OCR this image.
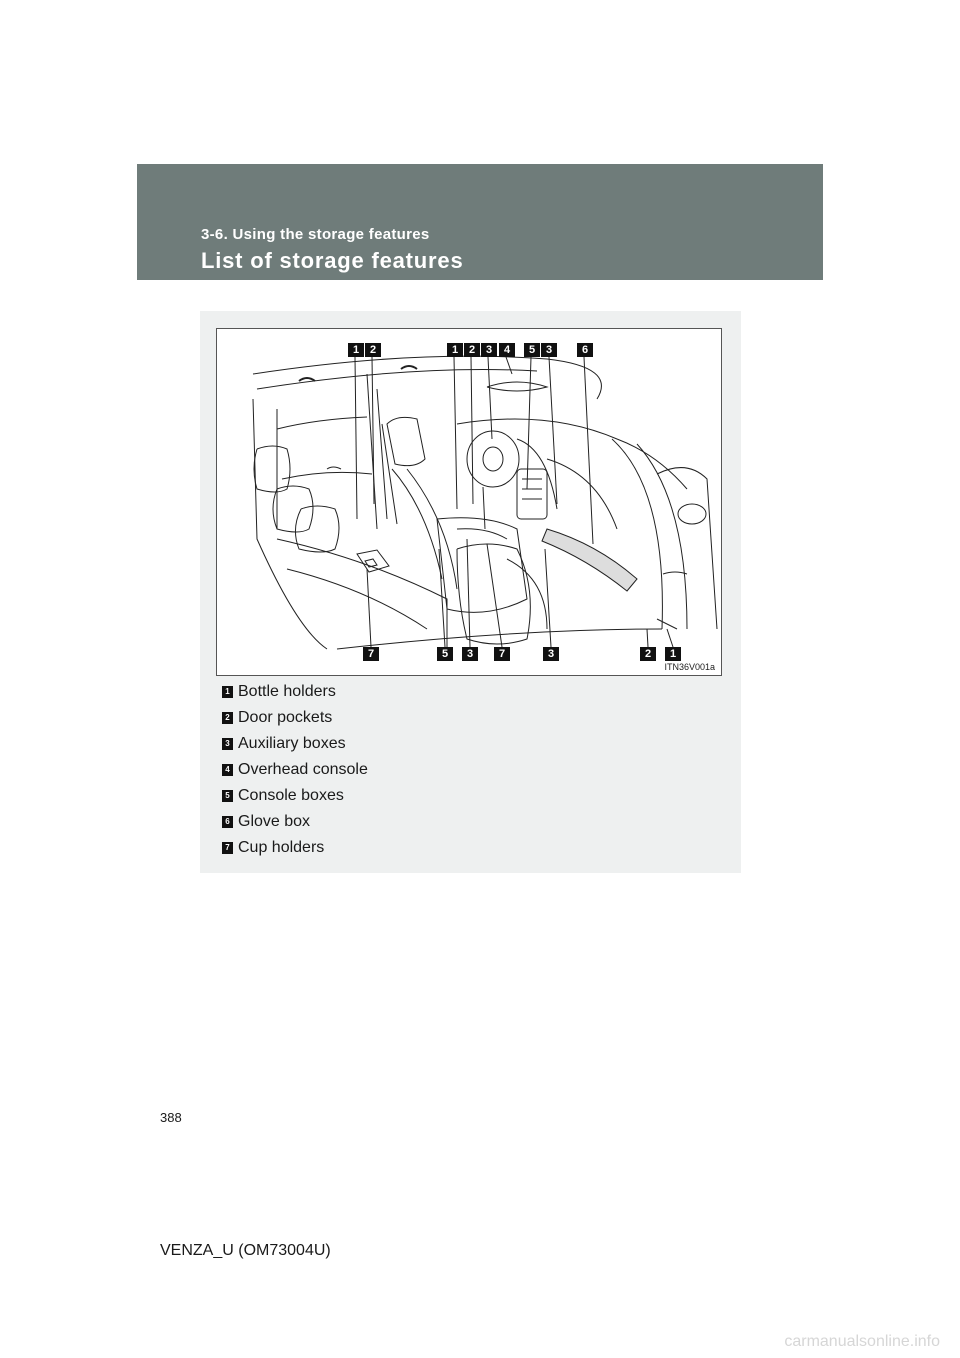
3-6. Using the storage features
List of storage features
1 2	1 2 3	4	5 3	6
7	5	3	7	3	2	1
ITN36V001a
1 Bottle holders
2 Door pockets
3 Auxiliary boxes
4 Overhead console
5 Console boxes
6 Glove box
7 Cup holders
388
VENZA_U (OM73004U)
carmanualsonline.info
